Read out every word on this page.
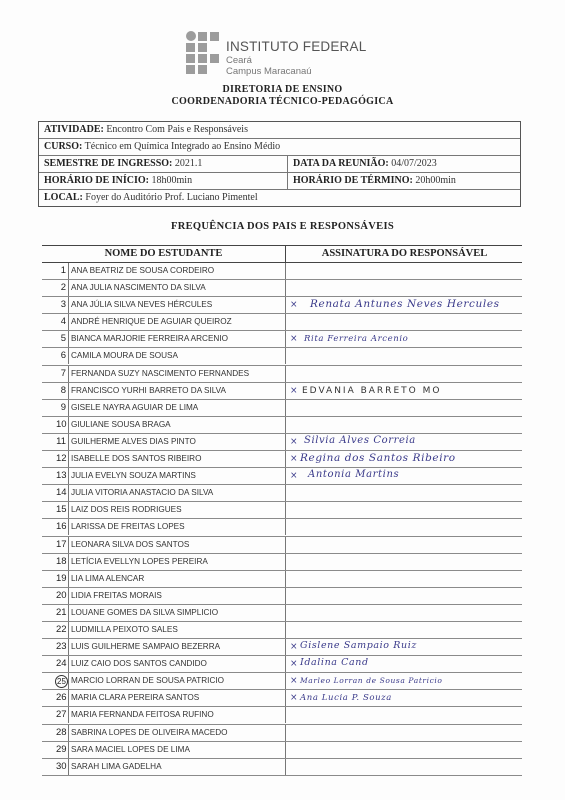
INSTITUTO FEDERAL
Ceará
Campus Maracanaú
DIRETORIA DE ENSINO
COORDENADORIA TÉCNICO-PEDAGÓGICA
ATIVIDADE: Encontro Com Pais e Responsáveis
CURSO: Técnico em Química Integrado ao Ensino Médio
SEMESTRE DE INGRESSO: 2021.1	DATA DA REUNIÃO: 04/07/2023
HORÁRIO DE INÍCIO: 18h00min	HORÁRIO DE TÉRMINO: 20h00min
LOCAL: Foyer do Auditório Prof. Luciano Pimentel
FREQUÊNCIA DOS PAIS E RESPONSÁVEIS
NOME DO ESTUDANTE	ASSINATURA DO RESPONSÁVEL
1 ANA BEATRIZ DE SOUSA CORDEIRO
2 ANA JULIA NASCIMENTO DA SILVA
3 ANA JÚLIA SILVA NEVES HÉRCULES	× Renata Antunes Neves Hercules
4 ANDRÉ HENRIQUE DE AGUIAR QUEIROZ
5 BIANCA MARJORIE FERREIRA ARCENIO	× Rita Ferreira Arcenio
6 CAMILA MOURA DE SOUSA
7 FERNANDA SUZY NASCIMENTO FERNANDES
8 FRANCISCO YURHI BARRETO DA SILVA	× EDVANIA BARRETO MO
9 GISELE NAYRA AGUIAR DE LIMA
10 GIULIANE SOUSA BRAGA
11 GUILHERME ALVES DIAS PINTO	× Silvia Alves Correia
12 ISABELLE DOS SANTOS RIBEIRO	× Regina dos Santos Ribeiro
13 JULIA EVELYN SOUZA MARTINS	× Antonia Martins
14 JULIA VITORIA ANASTACIO DA SILVA
15 LAIZ DOS REIS RODRIGUES
16 LARISSA DE FREITAS LOPES
17 LEONARA SILVA DOS SANTOS
18 LETÍCIA EVELLYN LOPES PEREIRA
19 LIA LIMA ALENCAR
20 LIDIA FREITAS MORAIS
21 LOUANE GOMES DA SILVA SIMPLICIO
22 LUDMILLA PEIXOTO SALES
23 LUIS GUILHERME SAMPAIO BEZERRA	× Gislene Sampaio Ruiz
24 LUIZ CAIO DOS SANTOS CANDIDO	× Idalina Cand
25 MARCIO LORRAN DE SOUSA PATRICIO	× Marleo Lorran de Sousa Patricio
26 MARIA CLARA PEREIRA SANTOS	× Ana Lucia P. Souza
27 MARIA FERNANDA FEITOSA RUFINO
28 SABRINA LOPES DE OLIVEIRA MACEDO
29 SARA MACIEL LOPES DE LIMA
30 SARAH LIMA GADELHA
